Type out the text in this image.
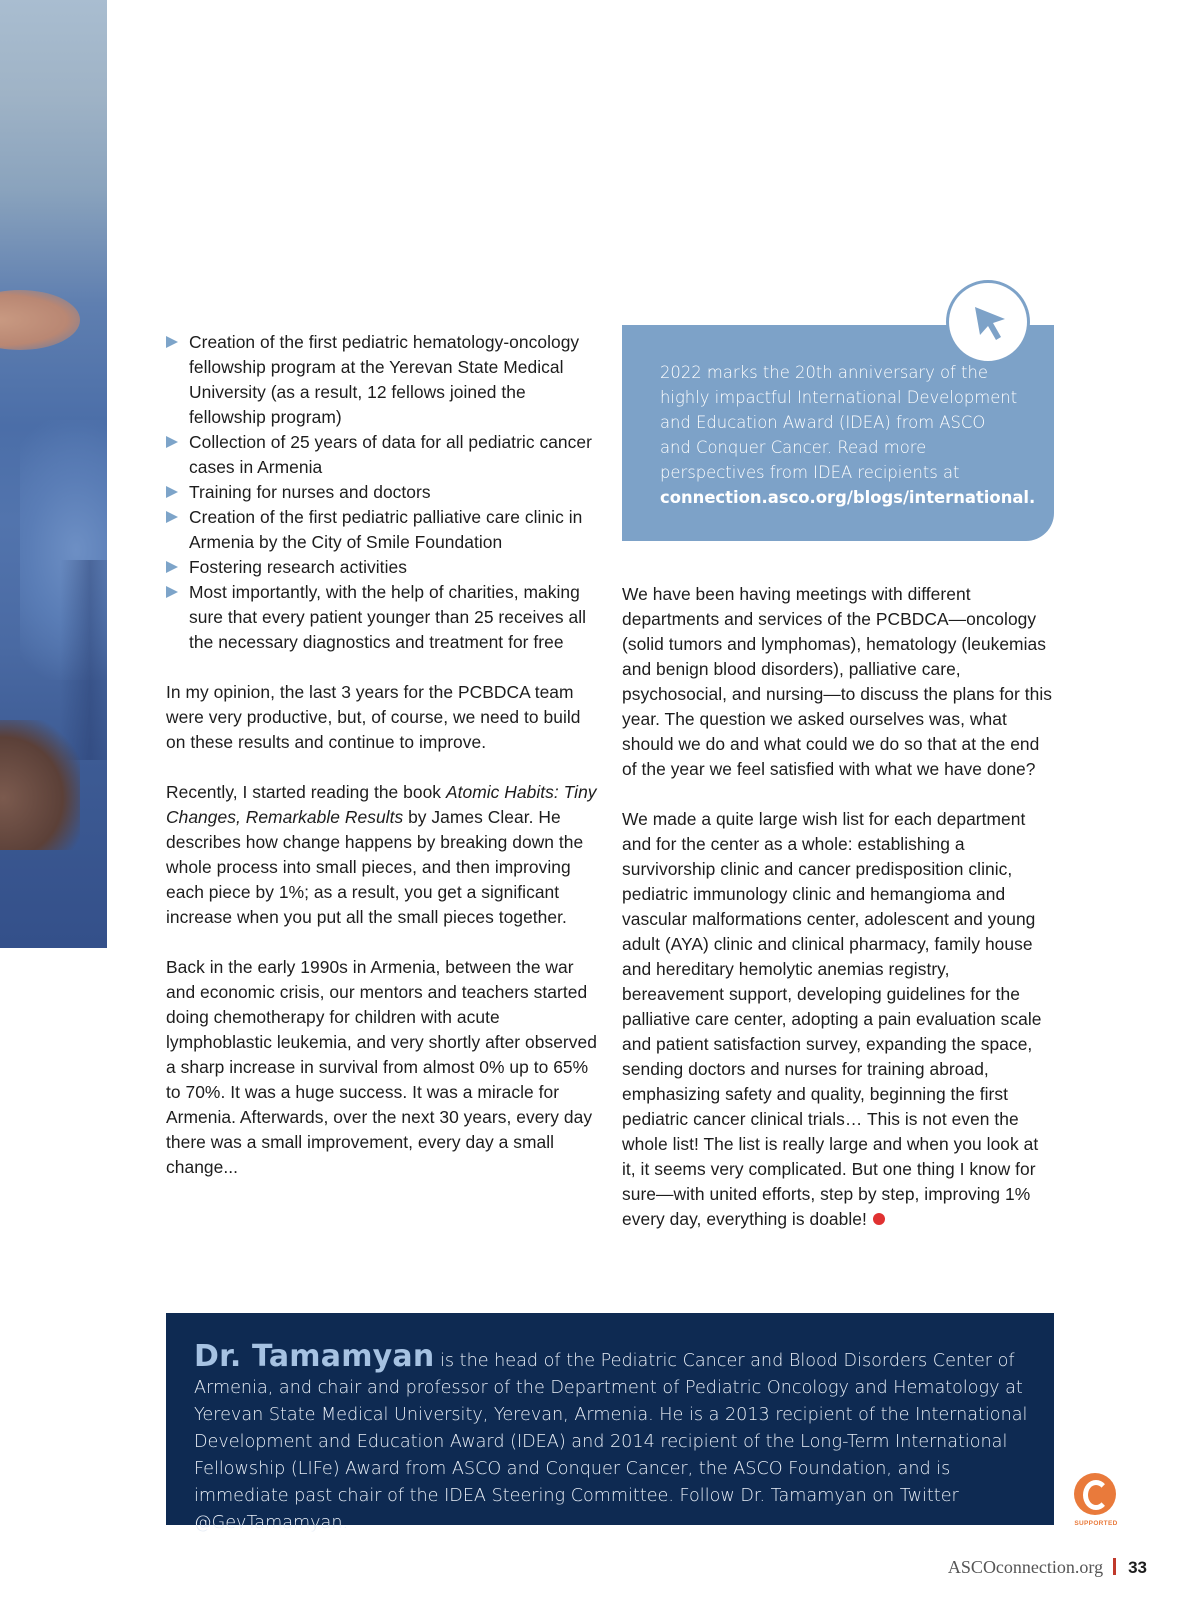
Creation of the first pediatric hematology-oncology fellowship program at the Yerevan State Medical University (as a result, 12 fellows joined the fellowship program)
Collection of 25 years of data for all pediatric cancer cases in Armenia
Training for nurses and doctors
Creation of the first pediatric palliative care clinic in Armenia by the City of Smile Foundation
Fostering research activities
Most importantly, with the help of charities, making sure that every patient younger than 25 receives all the necessary diagnostics and treatment for free

In my opinion, the last 3 years for the PCBDCA team were very productive, but, of course, we need to build on these results and continue to improve.

Recently, I started reading the book Atomic Habits: Tiny Changes, Remarkable Results by James Clear. He describes how change happens by breaking down the whole process into small pieces, and then improving each piece by 1%; as a result, you get a significant increase when you put all the small pieces together.

Back in the early 1990s in Armenia, between the war and economic crisis, our mentors and teachers started doing chemotherapy for children with acute lymphoblastic leukemia, and very shortly after observed a sharp increase in survival from almost 0% up to 65% to 70%. It was a huge success. It was a miracle for Armenia. Afterwards, over the next 30 years, every day there was a small improvement, every day a small change...

2022 marks the 20th anniversary of the highly impactful International Development and Education Award (IDEA) from ASCO and Conquer Cancer. Read more perspectives from IDEA recipients at connection.asco.org/blogs/international.

We have been having meetings with different departments and services of the PCBDCA—oncology (solid tumors and lymphomas), hematology (leukemias and benign blood disorders), palliative care, psychosocial, and nursing—to discuss the plans for this year. The question we asked ourselves was, what should we do and what could we do so that at the end of the year we feel satisfied with what we have done?

We made a quite large wish list for each department and for the center as a whole: establishing a survivorship clinic and cancer predisposition clinic, pediatric immunology clinic and hemangioma and vascular malformations center, adolescent and young adult (AYA) clinic and clinical pharmacy, family house and hereditary hemolytic anemias registry, bereavement support, developing guidelines for the palliative care center, adopting a pain evaluation scale and patient satisfaction survey, expanding the space, sending doctors and nurses for training abroad, emphasizing safety and quality, beginning the first pediatric cancer clinical trials… This is not even the whole list! The list is really large and when you look at it, it seems very complicated. But one thing I know for sure—with united efforts, step by step, improving 1% every day, everything is doable!

Dr. Tamamyan is the head of the Pediatric Cancer and Blood Disorders Center of Armenia, and chair and professor of the Department of Pediatric Oncology and Hematology at Yerevan State Medical University, Yerevan, Armenia. He is a 2013 recipient of the International Development and Education Award (IDEA) and 2014 recipient of the Long-Term International Fellowship (LIFe) Award from ASCO and Conquer Cancer, the ASCO Foundation, and is immediate past chair of the IDEA Steering Committee. Follow Dr. Tamamyan on Twitter @GevTamamyan.	SUPPORTED
ASCOconnection.org 33
